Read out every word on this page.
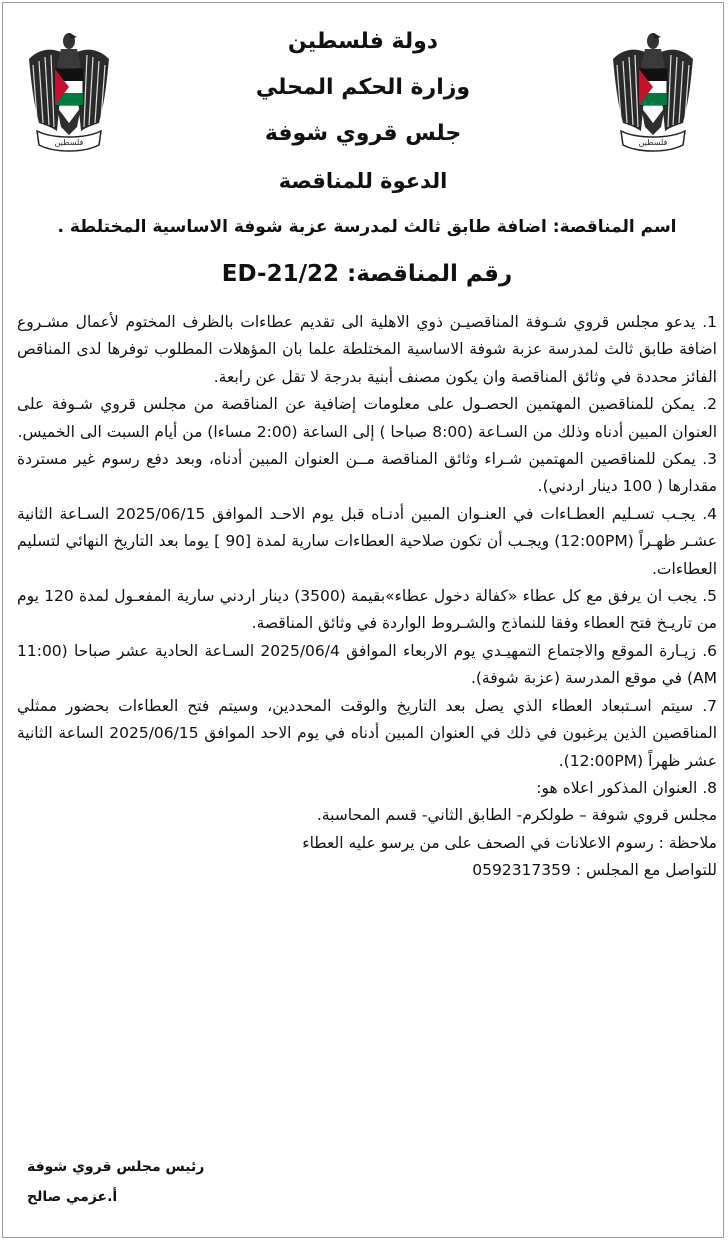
فلسطين
فلسطين
دولة فلسطين
وزارة الحكم المحلي
جلس قروي شوفة
الدعوة للمناقصة
اسم المناقصة: اضافة طابق ثالث لمدرسة عزبة شوفة الاساسية المختلطة .
رقم المناقصة: ED-21/22

1. يدعو مجلس قروي شـوفة المناقصيـن ذوي الاهلية الى تقديم عطاءات بالظرف المختوم لأعمال مشـروع اضافة طابق ثالث لمدرسة عزبة شوفة الاساسية المختلطة علما بان المؤهلات المطلوب توفرها لدى المناقص الفائز محددة في وثائق المناقصة وان يكون مصنف أبنية بدرجة لا تقل عن رابعة.

2. يمكن للمناقصين المهتمين الحصـول على معلومات إضافية عن المناقصة من مجلس قروي شـوفة على العنوان المبين أدناه وذلك من السـاعة (8:00 صباحا ) إلى الساعة (2:00 مساءا) من أيام السبت الى الخميس.

3. يمكن للمناقصين المهتمين شـراء وثائق المناقصة مــن العنوان المبين أدناه، وبعد دفع رسوم غير مستردة مقدارها ( 100 دينار اردني).

4. يجـب تسـليم العطـاءات في العنـوان المبين أدنـاه قبل يوم الاحـد الموافق 2025/06/15 السـاعة الثانية عشـر ظهـراً (12:00PM) ويجـب أن تكون صلاحية العطاءات سارية لمدة [90 ] يوما بعد التاريخ النهائي لتسليم العطاءات.

5. يجب ان يرفق مع كل عطاء «كفالة دخول عطاء»بقيمة (3500) دينار اردني سارية المفعـول لمدة 120 يوم من تاريـخ فتح العطاء وفقا للنماذج والشـروط الواردة في وثائق المناقصة.

6. زيـارة الموقع والاجتماع التمهيـدي يوم الاربعاء الموافق 2025/06/4 السـاعة الحادية عشر صباحا (11:00 AM) في موقع المدرسة (عزبة شوفة).

7. سيتم اسـتبعاد العطاء الذي يصل بعد التاريخ والوقت المحددين، وسيتم فتح العطاءات بحضور ممثلي المناقصين الذين يرغبون في ذلك في العنوان المبين أدناه في يوم الاحد الموافق 2025/06/15 الساعة الثانية عشر ظهراً (12:00PM).

8. العنوان المذكور اعلاه هو:

مجلس قروي شوفة – طولكرم- الطابق الثاني- قسم المحاسبة.

ملاحظة : رسوم الاعلانات في الصحف على من يرسو عليه العطاء

للتواصل مع المجلس : 0592317359

رئيس مجلس قروي شوفة
أ.عزمي صالح
